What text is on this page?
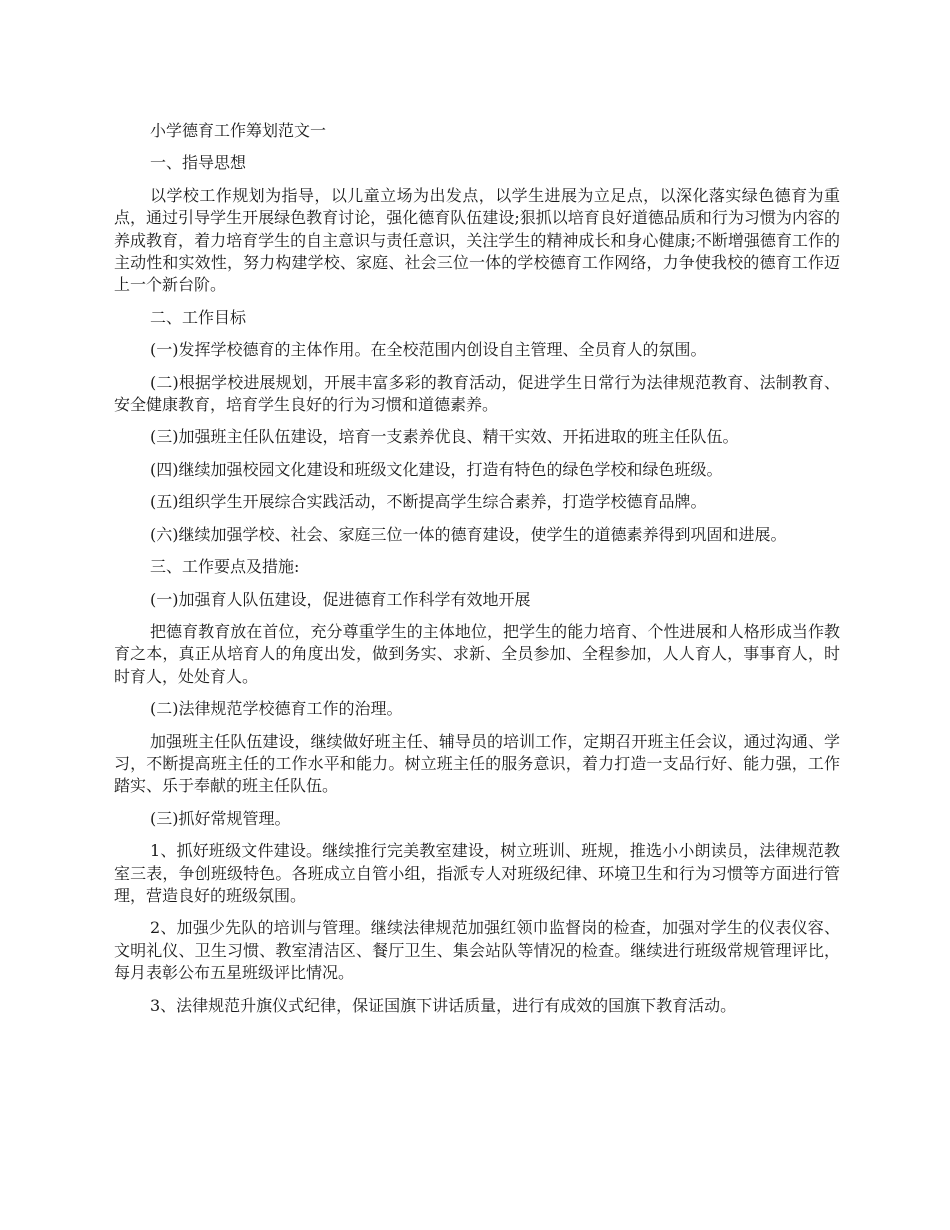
小学德育工作筹划范文一

一、指导思想

以学校工作规划为指导，以儿童立场为出发点，以学生进展为立足点，以深化落实绿色德育为重点，通过引导学生开展绿色教育讨论，强化德育队伍建设;狠抓以培育良好道德品质和行为习惯为内容的养成教育，着力培育学生的自主意识与责任意识，关注学生的精神成长和身心健康;不断增强德育工作的主动性和实效性，努力构建学校、家庭、社会三位一体的学校德育工作网络，力争使我校的德育工作迈上一个新台阶。

二、工作目标

(一)发挥学校德育的主体作用。在全校范围内创设自主管理、全员育人的氛围。

(二)根据学校进展规划，开展丰富多彩的教育活动，促进学生日常行为法律规范教育、法制教育、安全健康教育，培育学生良好的行为习惯和道德素养。

(三)加强班主任队伍建设，培育一支素养优良、精干实效、开拓进取的班主任队伍。

(四)继续加强校园文化建设和班级文化建设，打造有特色的绿色学校和绿色班级。

(五)组织学生开展综合实践活动，不断提高学生综合素养，打造学校德育品牌。

(六)继续加强学校、社会、家庭三位一体的德育建设，使学生的道德素养得到巩固和进展。

三、工作要点及措施:

(一)加强育人队伍建设，促进德育工作科学有效地开展

把德育教育放在首位，充分尊重学生的主体地位，把学生的能力培育、个性进展和人格形成当作教育之本，真正从培育人的角度出发，做到务实、求新、全员参加、全程参加，人人育人，事事育人，时时育人，处处育人。

(二)法律规范学校德育工作的治理。

加强班主任队伍建设，继续做好班主任、辅导员的培训工作，定期召开班主任会议，通过沟通、学习，不断提高班主任的工作水平和能力。树立班主任的服务意识，着力打造一支品行好、能力强，工作踏实、乐于奉献的班主任队伍。

(三)抓好常规管理。

1、抓好班级文件建设。继续推行完美教室建设，树立班训、班规，推选小小朗读员，法律规范教室三表，争创班级特色。各班成立自管小组，指派专人对班级纪律、环境卫生和行为习惯等方面进行管理，营造良好的班级氛围。

2、加强少先队的培训与管理。继续法律规范加强红领巾监督岗的检查，加强对学生的仪表仪容、文明礼仪、卫生习惯、教室清洁区、餐厅卫生、集会站队等情况的检查。继续进行班级常规管理评比，每月表彰公布五星班级评比情况。

3、法律规范升旗仪式纪律，保证国旗下讲话质量，进行有成效的国旗下教育活动。
